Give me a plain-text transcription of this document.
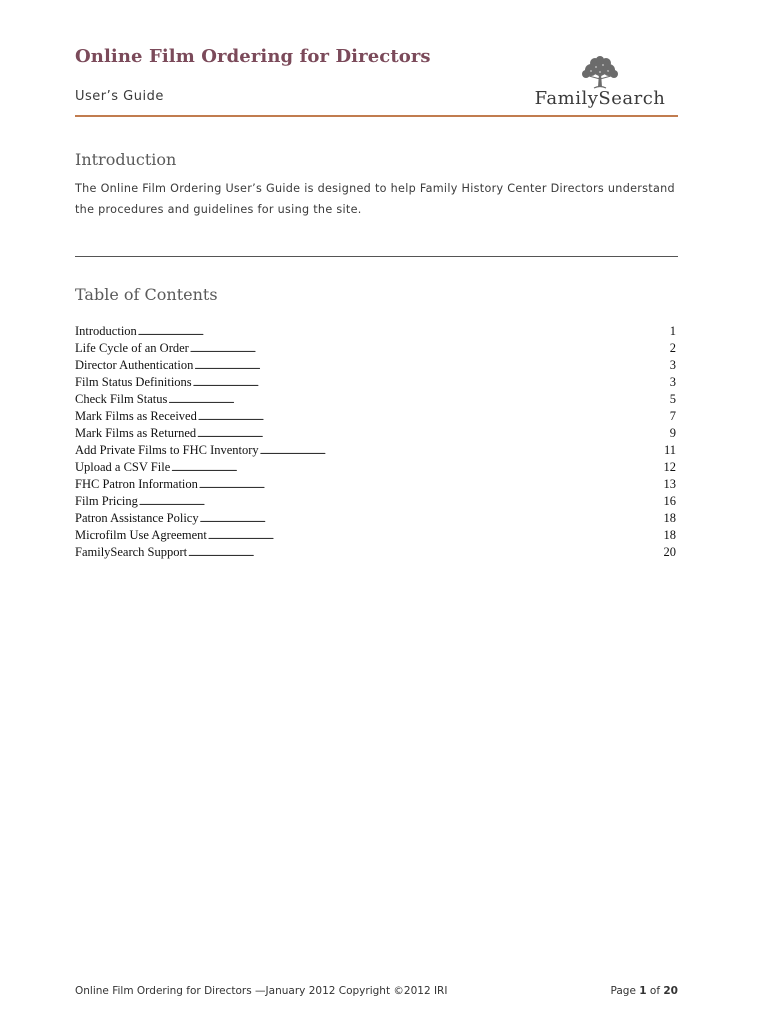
Online Film Ordering for Directors
User’s Guide	FamilySearch
Introduction

The Online Film Ordering User’s Guide is designed to help Family History Center Directors understand

the procedures and guidelines for using the site.

Table of Contents
Introduction . . .	1
Life Cycle of an Order . . .	2
Director Authentication . . .	3
Film Status Definitions . . .	3
Check Film Status . . .	5
Mark Films as Received . . .	7
Mark Films as Returned . . .	9
Add Private Films to FHC Inventory . . .	11
Upload a CSV File . . .	12
FHC Patron Information . . .	13
Film Pricing . . .	16
Patron Assistance Policy . . .	18
Microfilm Use Agreement . . .	18
FamilySearch Support . . .	20
Online Film Ordering for Directors —January 2012 Copyright ©2012 IRI	Page 1 of 20
